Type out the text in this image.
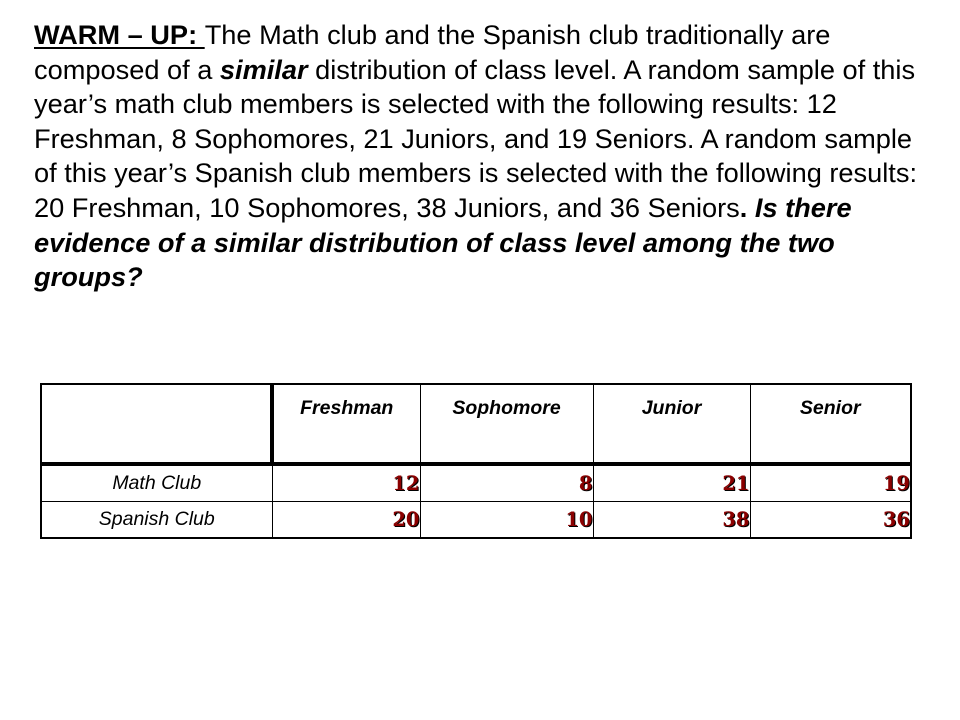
WARM – UP: The Math club and the Spanish club traditionally are composed of a similar distribution of class level. A random sample of this year’s math club members is selected with the following results: 12 Freshman, 8 Sophomores, 21 Juniors, and 19 Seniors. A random sample of this year’s Spanish club members is selected with the following results: 20 Freshman, 10 Sophomores, 38 Juniors, and 36 Seniors. Is there evidence of a similar distribution of class level among the two groups?
	Freshman	Sophomore	Junior	Senior
Math Club	12	8	21	19
Spanish Club	20	10	38	36
